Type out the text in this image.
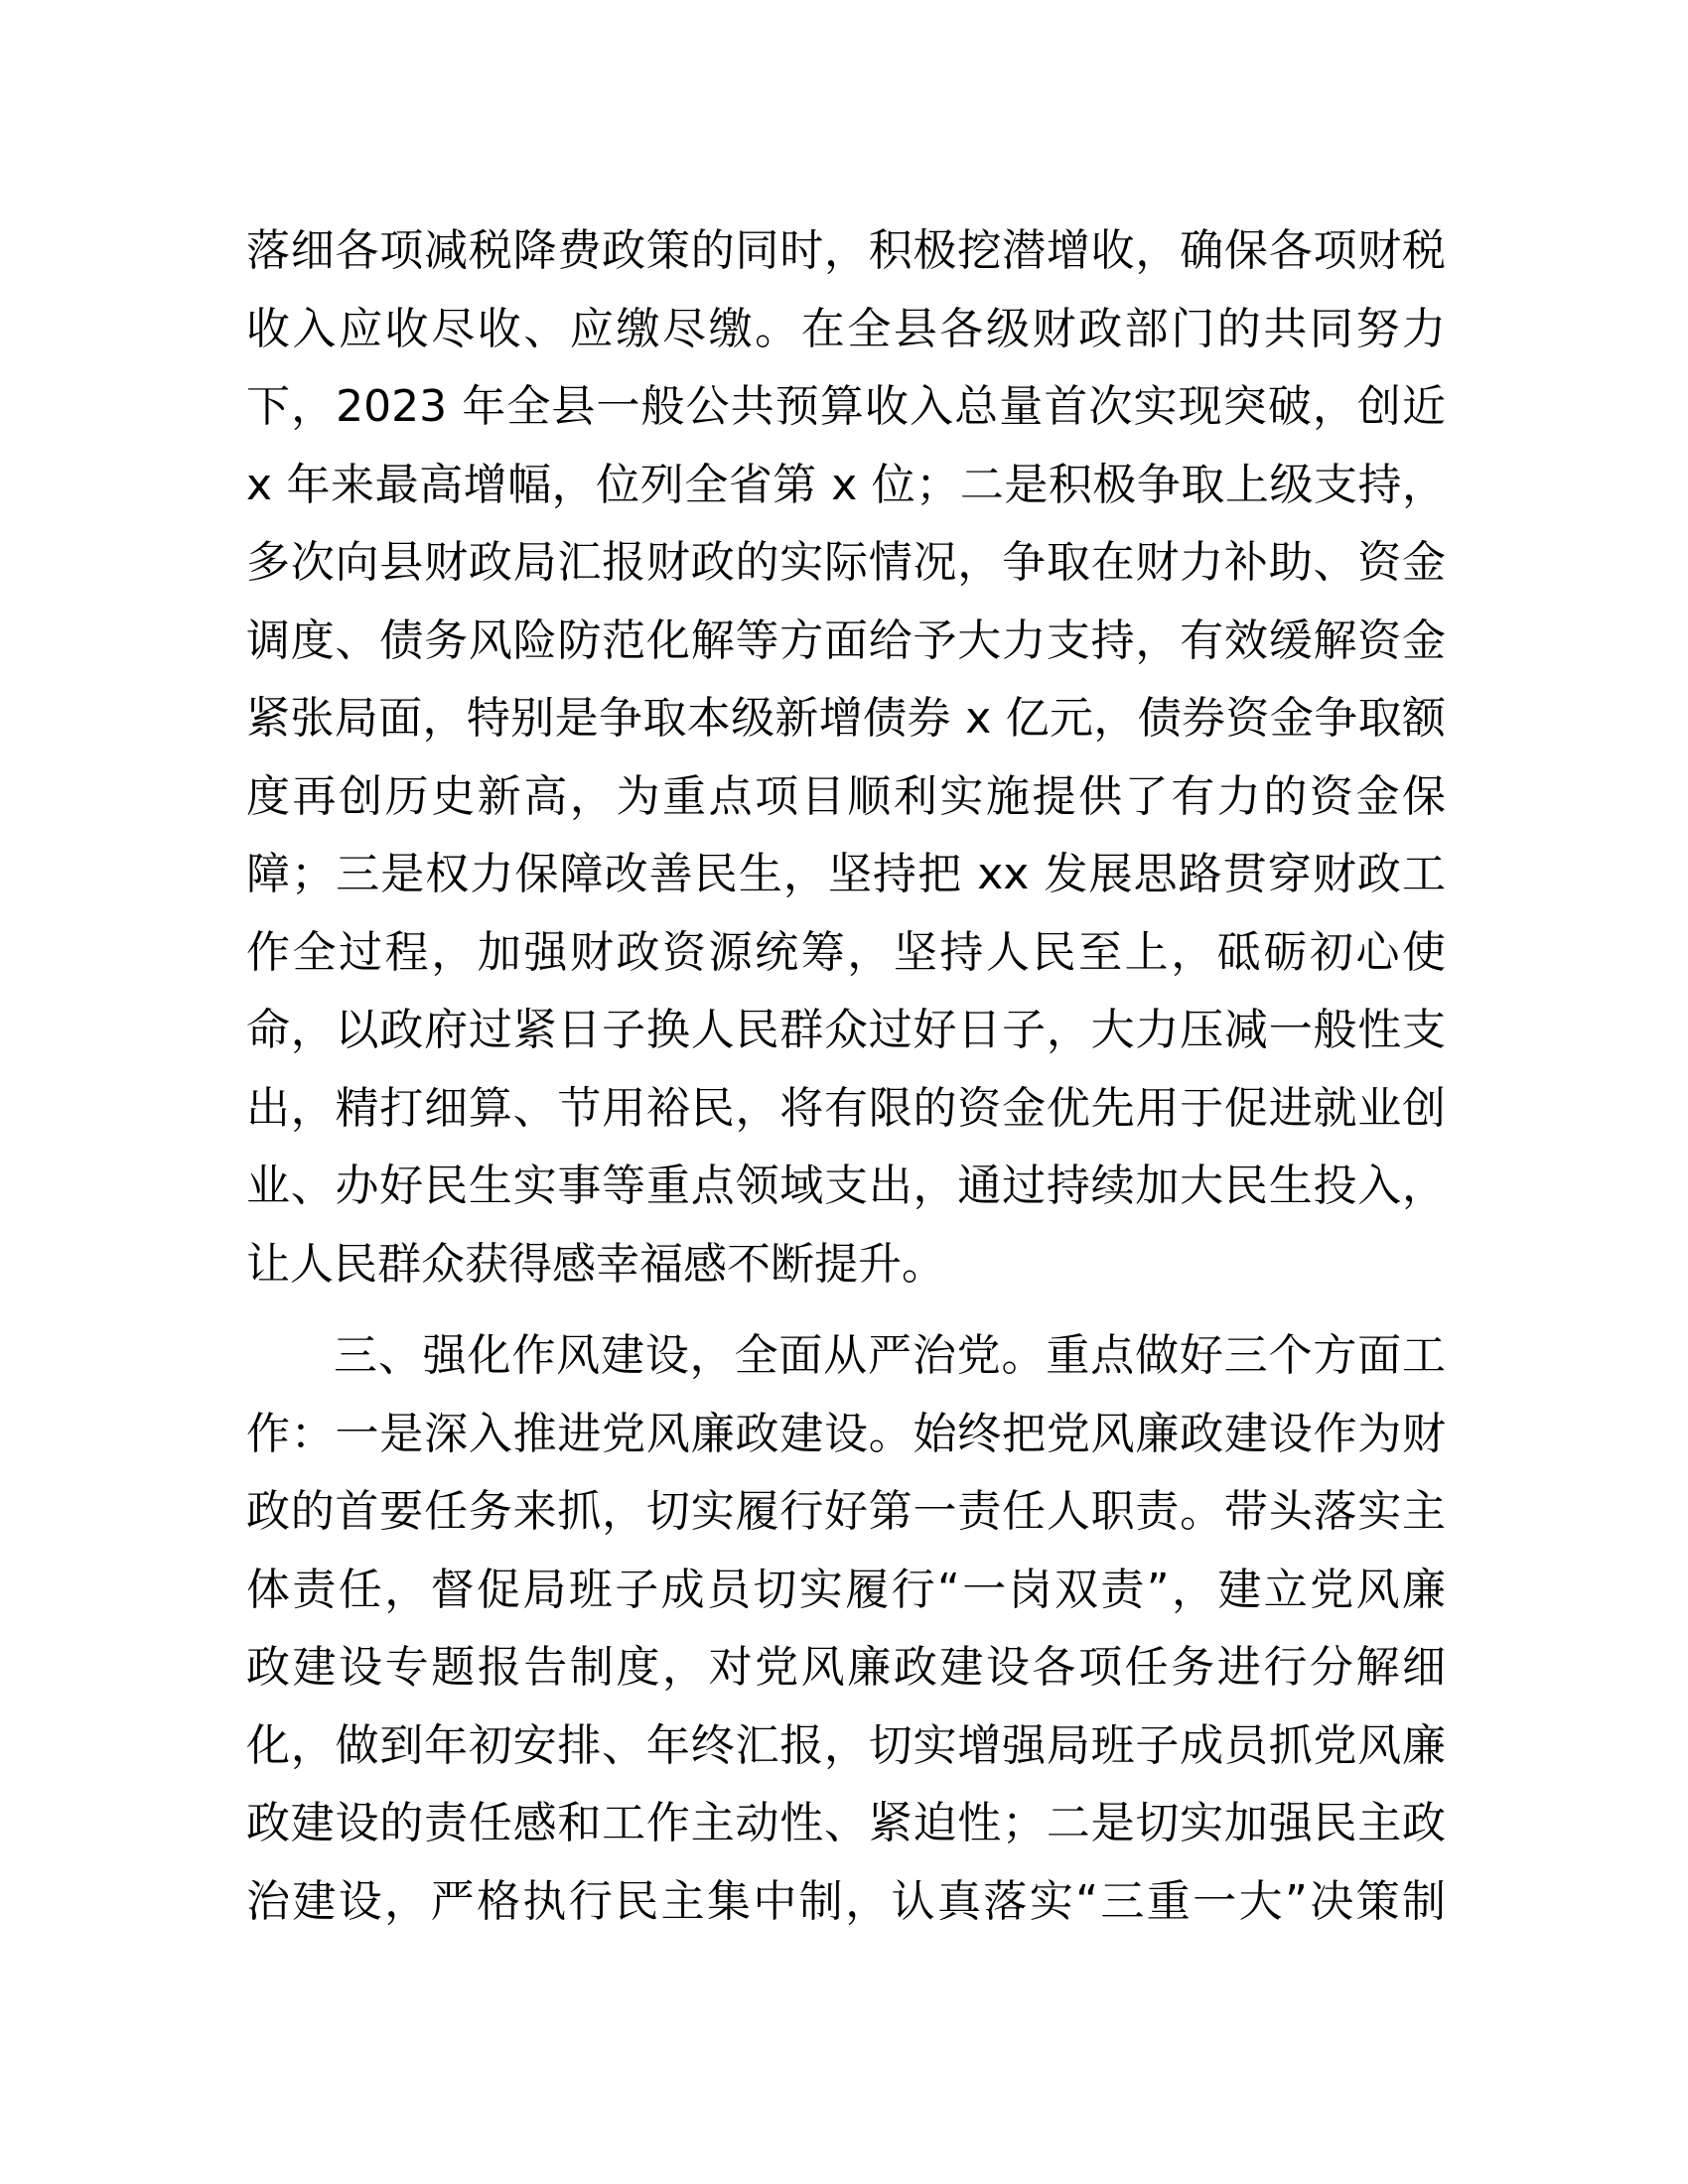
落细各项减税降费政策的同时，积极挖潜增收，确保各项财税
收入应收尽收、应缴尽缴。在全县各级财政部门的共同努力
下，2023 年全县一般公共预算收入总量首次实现突破，创近
x 年来最高增幅，位列全省第 x 位；二是积极争取上级支持，
多次向县财政局汇报财政的实际情况，争取在财力补助、资金
调度、债务风险防范化解等方面给予大力支持，有效缓解资金
紧张局面，特别是争取本级新增债券 x 亿元，债券资金争取额
度再创历史新高，为重点项目顺利实施提供了有力的资金保
障；三是权力保障改善民生，坚持把 xx 发展思路贯穿财政工
作全过程，加强财政资源统筹，坚持人民至上，砥砺初心使
命，以政府过紧日子换人民群众过好日子，大力压减一般性支
出，精打细算、节用裕民，将有限的资金优先用于促进就业创
业、办好民生实事等重点领域支出，通过持续加大民生投入，
让人民群众获得感幸福感不断提升。
三、强化作风建设，全面从严治党。重点做好三个方面工
作：一是深入推进党风廉政建设。始终把党风廉政建设作为财
政的首要任务来抓，切实履行好第一责任人职责。带头落实主
体责任，督促局班子成员切实履行“一岗双责”，建立党风廉
政建设专题报告制度，对党风廉政建设各项任务进行分解细
化，做到年初安排、年终汇报，切实增强局班子成员抓党风廉
政建设的责任感和工作主动性、紧迫性；二是切实加强民主政
治建设，严格执行民主集中制，认真落实“三重一大”决策制
